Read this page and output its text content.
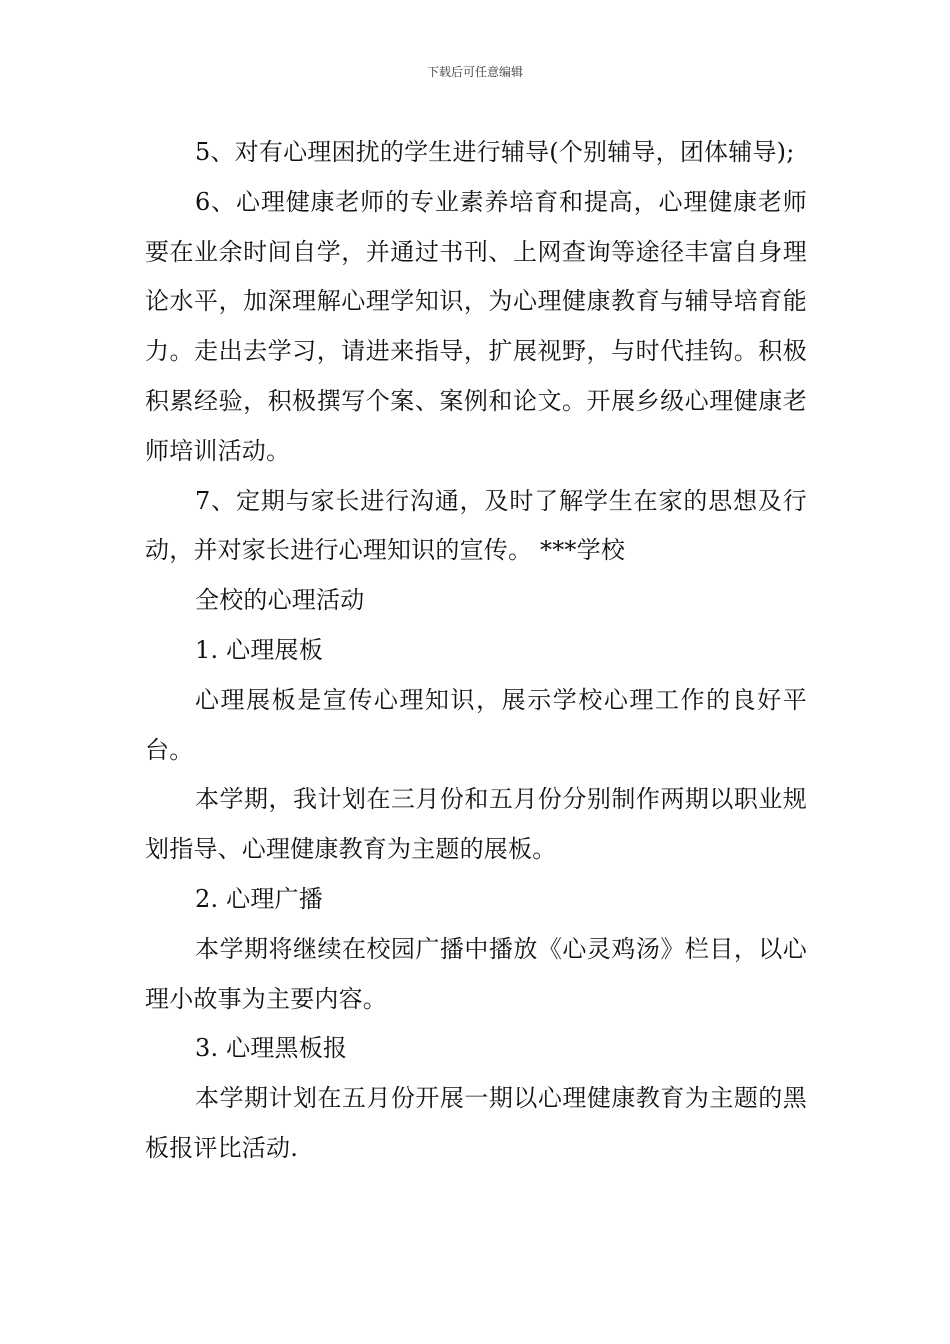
下载后可任意编辑

5、对有心理困扰的学生进行辅导(个别辅导，团体辅导);

6、心理健康老师的专业素养培育和提高，心理健康老师要在业余时间自学，并通过书刊、上网查询等途径丰富自身理论水平，加深理解心理学知识，为心理健康教育与辅导培育能力。走出去学习，请进来指导，扩展视野，与时代挂钩。积极积累经验，积极撰写个案、案例和论文。开展乡级心理健康老师培训活动。

7、定期与家长进行沟通，及时了解学生在家的思想及行动，并对家长进行心理知识的宣传。 ***学校

全校的心理活动

1. 心理展板

心理展板是宣传心理知识，展示学校心理工作的良好平台。

本学期，我计划在三月份和五月份分别制作两期以职业规划指导、心理健康教育为主题的展板。

2. 心理广播

本学期将继续在校园广播中播放《心灵鸡汤》栏目，以心理小故事为主要内容。

3. 心理黑板报

本学期计划在五月份开展一期以心理健康教育为主题的黑板报评比活动.
